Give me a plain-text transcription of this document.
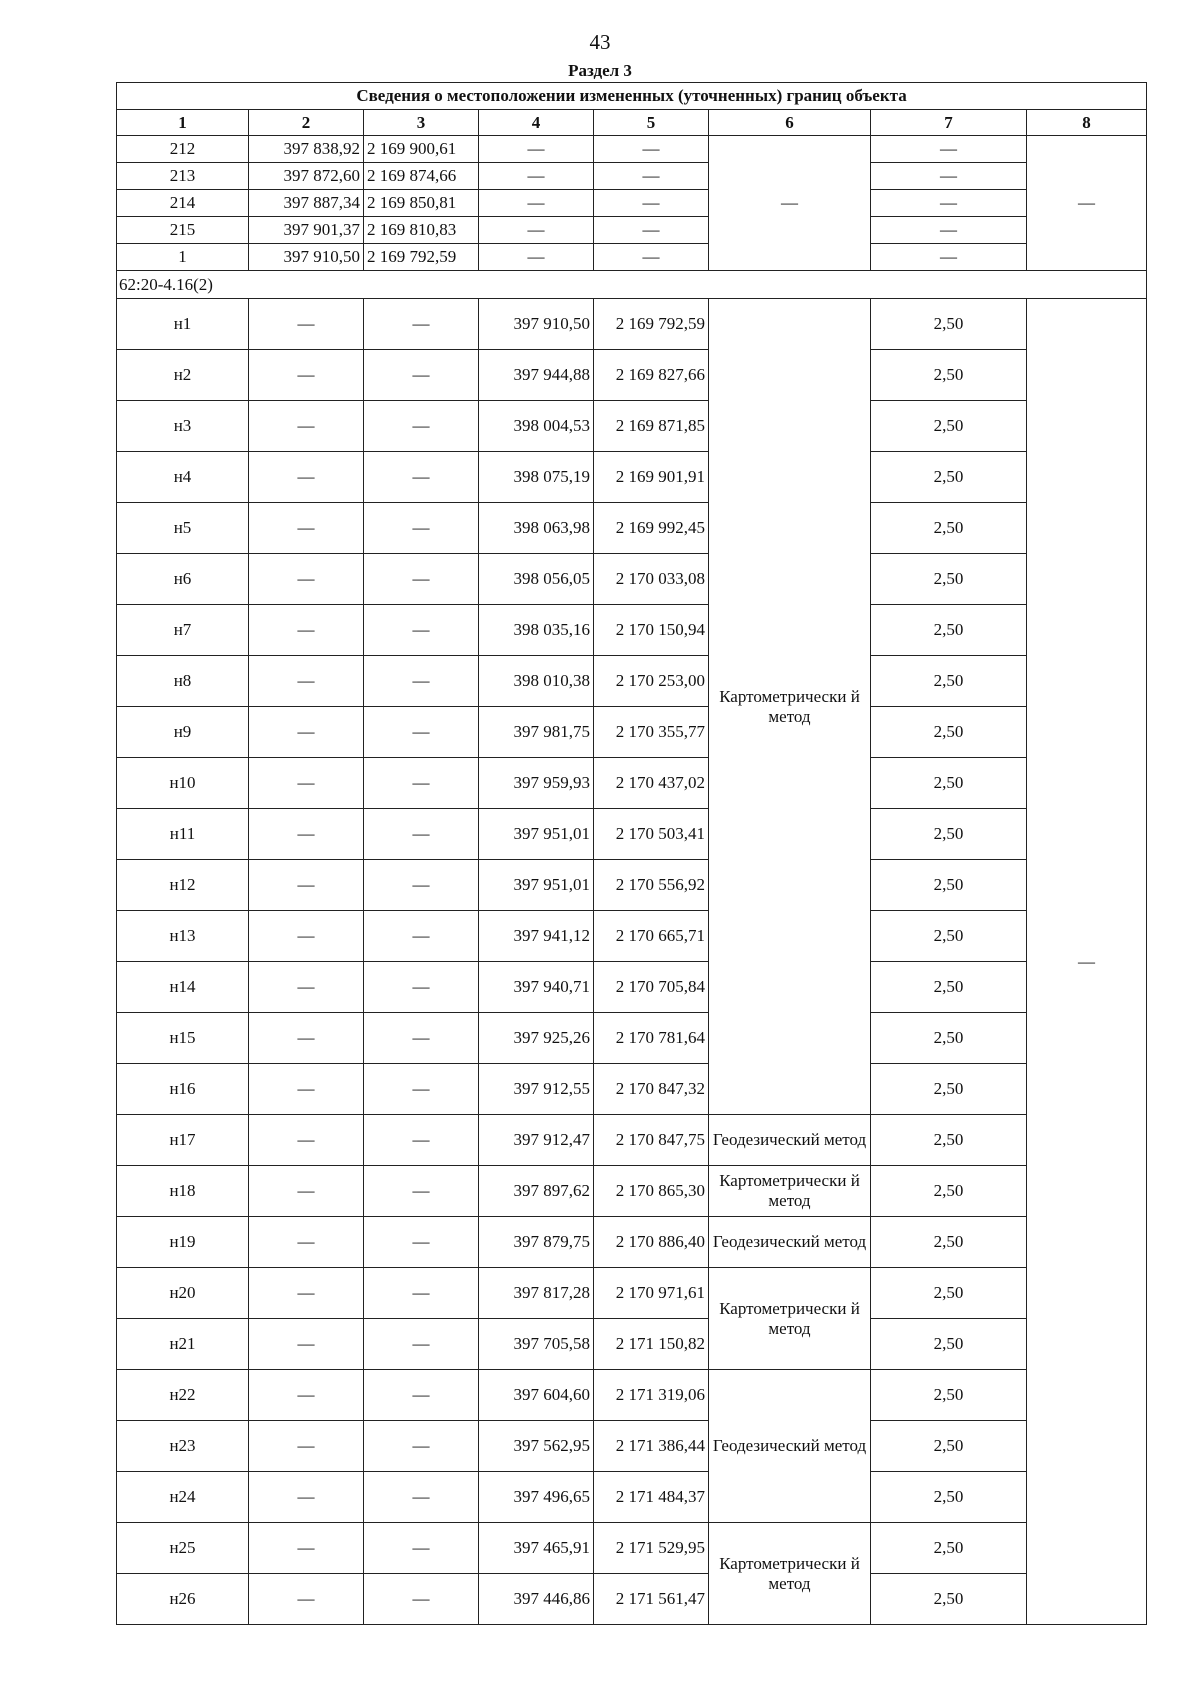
43
Раздел 3
Сведения о местоположении измененных (уточненных) границ объекта							
1	2	3	4	5	6	7	8
212	397 838,92	2 169 900,61	—	—	—	—	—
213	397 872,60	2 169 874,66	—	—		—	
214	397 887,34	2 169 850,81	—	—		—	
215	397 901,37	2 169 810,83	—	—		—	
1	397 910,50	2 169 792,59	—	—		—	
62:20-4.16(2)							
н1	—	—	397 910,50	2 169 792,59	Картометрически й метод	2,50	—
н2	—	—	397 944,88	2 169 827,66		2,50	
н3	—	—	398 004,53	2 169 871,85		2,50	
н4	—	—	398 075,19	2 169 901,91		2,50	
н5	—	—	398 063,98	2 169 992,45		2,50	
н6	—	—	398 056,05	2 170 033,08		2,50	
н7	—	—	398 035,16	2 170 150,94		2,50	
н8	—	—	398 010,38	2 170 253,00		2,50	
н9	—	—	397 981,75	2 170 355,77		2,50	
н10	—	—	397 959,93	2 170 437,02		2,50	
н11	—	—	397 951,01	2 170 503,41		2,50	
н12	—	—	397 951,01	2 170 556,92		2,50	
н13	—	—	397 941,12	2 170 665,71		2,50	
н14	—	—	397 940,71	2 170 705,84		2,50	
н15	—	—	397 925,26	2 170 781,64		2,50	
н16	—	—	397 912,55	2 170 847,32		2,50	
н17	—	—	397 912,47	2 170 847,75	Геодезический метод	2,50	
н18	—	—	397 897,62	2 170 865,30	Картометрически й метод	2,50	
н19	—	—	397 879,75	2 170 886,40	Геодезический метод	2,50	
н20	—	—	397 817,28	2 170 971,61	Картометрически й метод	2,50	
н21	—	—	397 705,58	2 171 150,82		2,50	
н22	—	—	397 604,60	2 171 319,06	Геодезический метод	2,50	
н23	—	—	397 562,95	2 171 386,44		2,50	
н24	—	—	397 496,65	2 171 484,37		2,50	
н25	—	—	397 465,91	2 171 529,95	Картометрически й метод	2,50	
н26	—	—	397 446,86	2 171 561,47		2,50	
